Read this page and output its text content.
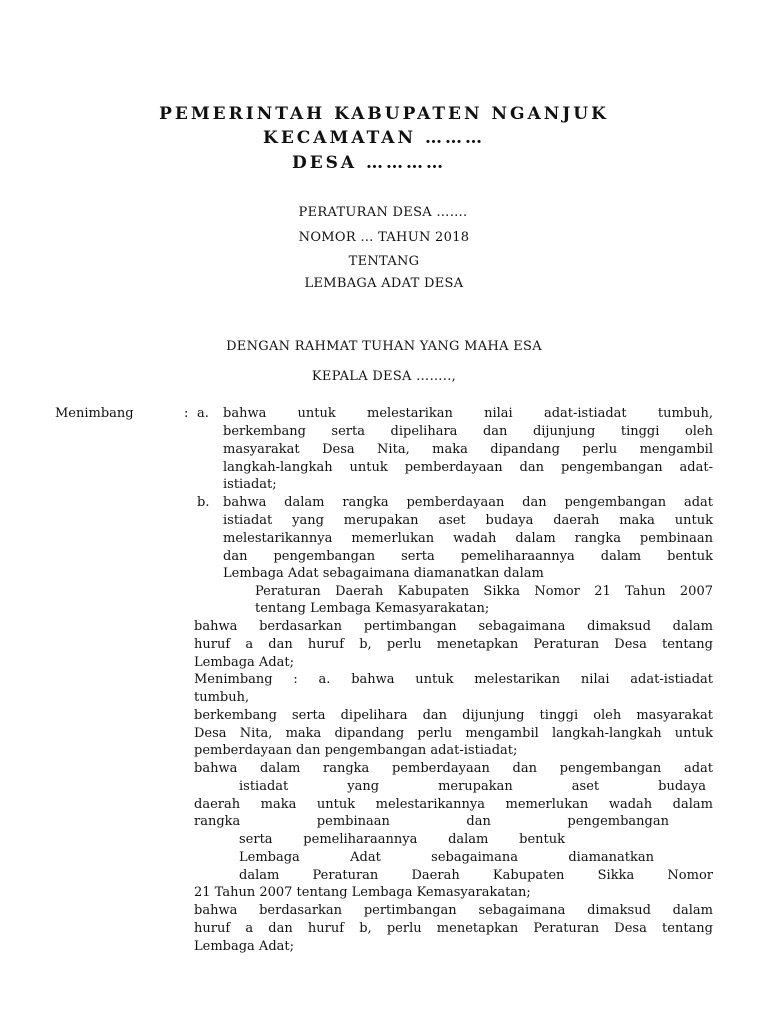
PEMERINTAH KABUPATEN NGANJUK
KECAMATAN ………
DESA …………
PERATURAN DESA …….
NOMOR … TAHUN 2018
TENTANG
LEMBAGA ADAT DESA
DENGAN RAHMAT TUHAN YANG MAHA ESA
KEPALA DESA ……..,
Menimbang	: a. bahwa untuk melestarikan nilai adat-istiadat tumbuh,
berkembang serta dipelihara dan dijunjung tinggi oleh
masyarakat Desa Nita, maka dipandang perlu mengambil
langkah-langkah untuk pemberdayaan dan pengembangan adat-
istiadat;
b. bahwa dalam rangka pemberdayaan dan pengembangan adat
istiadat yang merupakan aset budaya daerah maka untuk
melestarikannya memerlukan wadah dalam rangka pembinaan
dan pengembangan serta pemeliharaannya dalam bentuk
Lembaga Adat sebagaimana diamanatkan dalam
Peraturan Daerah Kabupaten Sikka Nomor 21 Tahun 2007
tentang Lembaga Kemasyarakatan;
bahwa berdasarkan pertimbangan sebagaimana dimaksud dalam
huruf a dan huruf b, perlu menetapkan Peraturan Desa tentang
Lembaga Adat;
Menimbang : a. bahwa untuk melestarikan nilai adat-istiadat
tumbuh,
berkembang serta dipelihara dan dijunjung tinggi oleh masyarakat
Desa Nita, maka dipandang perlu mengambil langkah-langkah untuk
pemberdayaan dan pengembangan adat-istiadat;
bahwa dalam rangka pemberdayaan dan pengembangan adat
istiadat yang merupakan aset budaya
daerah maka untuk melestarikannya memerlukan wadah dalam
rangka pembinaan dan pengembangan
serta pemeliharaannya dalam bentuk
Lembaga Adat sebagaimana diamanatkan
dalam Peraturan Daerah Kabupaten Sikka Nomor
21 Tahun 2007 tentang Lembaga Kemasyarakatan;
bahwa berdasarkan pertimbangan sebagaimana dimaksud dalam
huruf a dan huruf b, perlu menetapkan Peraturan Desa tentang
Lembaga Adat;
